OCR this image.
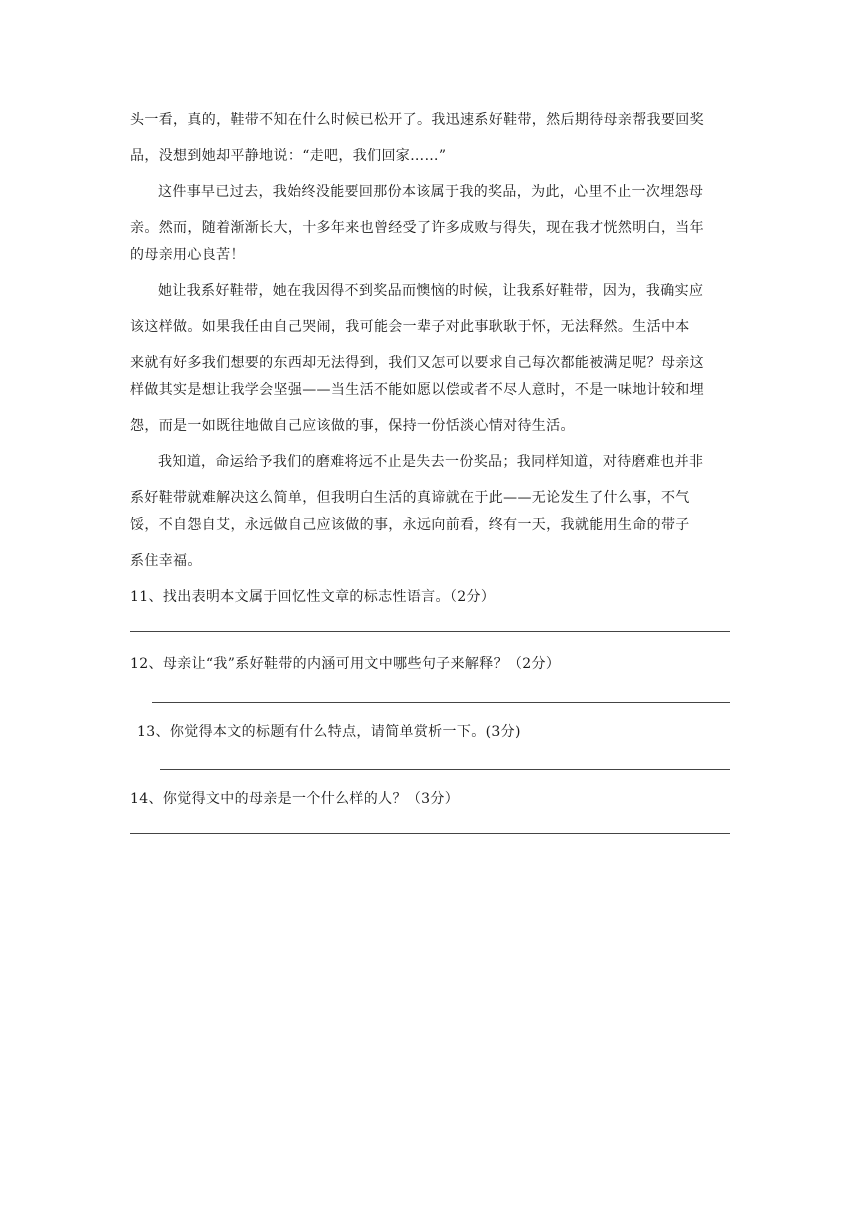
头一看，真的，鞋带不知在什么时候已松开了。我迅速系好鞋带，然后期待母亲帮我要回奖
品，没想到她却平静地说：“走吧，我们回家……”
这件事早已过去，我始终没能要回那份本该属于我的奖品，为此，心里不止一次埋怨母
亲。然而，随着渐渐长大，十多年来也曾经受了许多成败与得失，现在我才恍然明白，当年
的母亲用心良苦！
她让我系好鞋带，她在我因得不到奖品而懊恼的时候，让我系好鞋带，因为，我确实应
该这样做。如果我任由自己哭闹，我可能会一辈子对此事耿耿于怀，无法释然。生活中本
来就有好多我们想要的东西却无法得到，我们又怎可以要求自己每次都能被满足呢？母亲这
样做其实是想让我学会坚强——当生活不能如愿以偿或者不尽人意时，不是一味地计较和埋
怨，而是一如既往地做自己应该做的事，保持一份恬淡心情对待生活。
我知道，命运给予我们的磨难将远不止是失去一份奖品；我同样知道，对待磨难也并非
系好鞋带就难解决这么简单，但我明白生活的真谛就在于此——无论发生了什么事，不气
馁，不自怨自艾，永远做自己应该做的事，永远向前看，终有一天，我就能用生命的带子
系住幸福。
11、找出表明本文属于回忆性文章的标志性语言。（2分）
12、母亲让“我”系好鞋带的内涵可用文中哪些句子来解释？（2分）
13、你觉得本文的标题有什么特点，请简单赏析一下。(3分)
14、你觉得文中的母亲是一个什么样的人？（3分）
